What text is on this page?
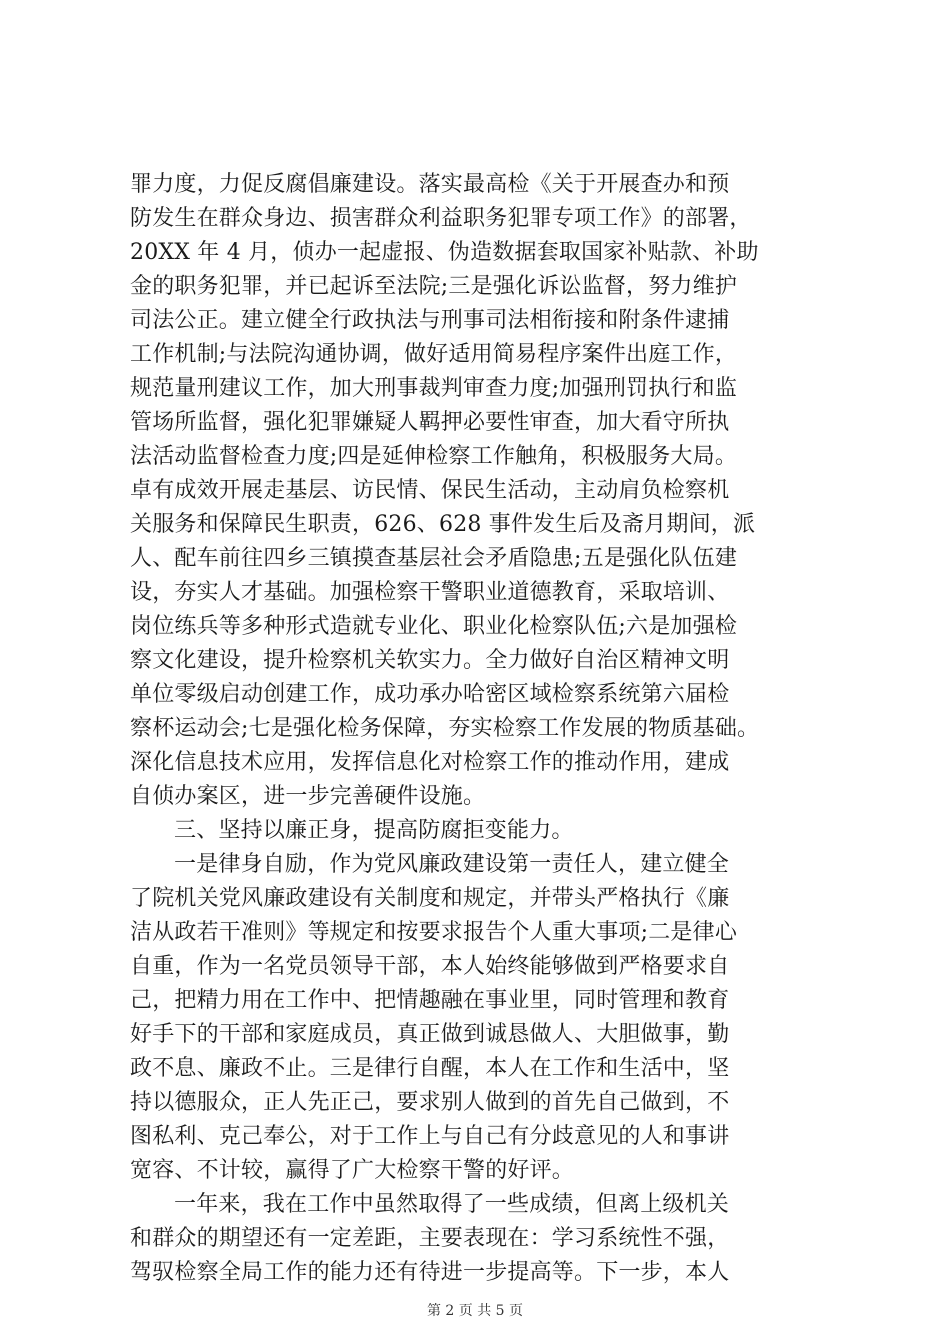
罪力度，力促反腐倡廉建设。落实最高检《关于开展查办和预
防发生在群众身边、损害群众利益职务犯罪专项工作》的部署，
20XX 年 4 月，侦办一起虚报、伪造数据套取国家补贴款、补助
金的职务犯罪，并已起诉至法院;三是强化诉讼监督，努力维护
司法公正。建立健全行政执法与刑事司法相衔接和附条件逮捕
工作机制;与法院沟通协调，做好适用简易程序案件出庭工作，
规范量刑建议工作，加大刑事裁判审查力度;加强刑罚执行和监
管场所监督，强化犯罪嫌疑人羁押必要性审查，加大看守所执
法活动监督检查力度;四是延伸检察工作触角，积极服务大局。
卓有成效开展走基层、访民情、保民生活动，主动肩负检察机
关服务和保障民生职责，626、628 事件发生后及斋月期间，派
人、配车前往四乡三镇摸查基层社会矛盾隐患;五是强化队伍建
设，夯实人才基础。加强检察干警职业道德教育，采取培训、
岗位练兵等多种形式造就专业化、职业化检察队伍;六是加强检
察文化建设，提升检察机关软实力。全力做好自治区精神文明
单位零级启动创建工作，成功承办哈密区域检察系统第六届检
察杯运动会;七是强化检务保障，夯实检察工作发展的物质基础。
深化信息技术应用，发挥信息化对检察工作的推动作用，建成
自侦办案区，进一步完善硬件设施。
三、坚持以廉正身，提高防腐拒变能力。
一是律身自励，作为党风廉政建设第一责任人，建立健全
了院机关党风廉政建设有关制度和规定，并带头严格执行《廉
洁从政若干准则》等规定和按要求报告个人重大事项;二是律心
自重，作为一名党员领导干部，本人始终能够做到严格要求自
己，把精力用在工作中、把情趣融在事业里，同时管理和教育
好手下的干部和家庭成员，真正做到诚恳做人、大胆做事，勤
政不息、廉政不止。三是律行自醒，本人在工作和生活中，坚
持以德服众，正人先正己，要求别人做到的首先自己做到，不
图私利、克己奉公，对于工作上与自己有分歧意见的人和事讲
宽容、不计较，赢得了广大检察干警的好评。
一年来，我在工作中虽然取得了一些成绩，但离上级机关
和群众的期望还有一定差距，主要表现在：学习系统性不强，
驾驭检察全局工作的能力还有待进一步提高等。下一步，本人
第 2 页 共 5 页
